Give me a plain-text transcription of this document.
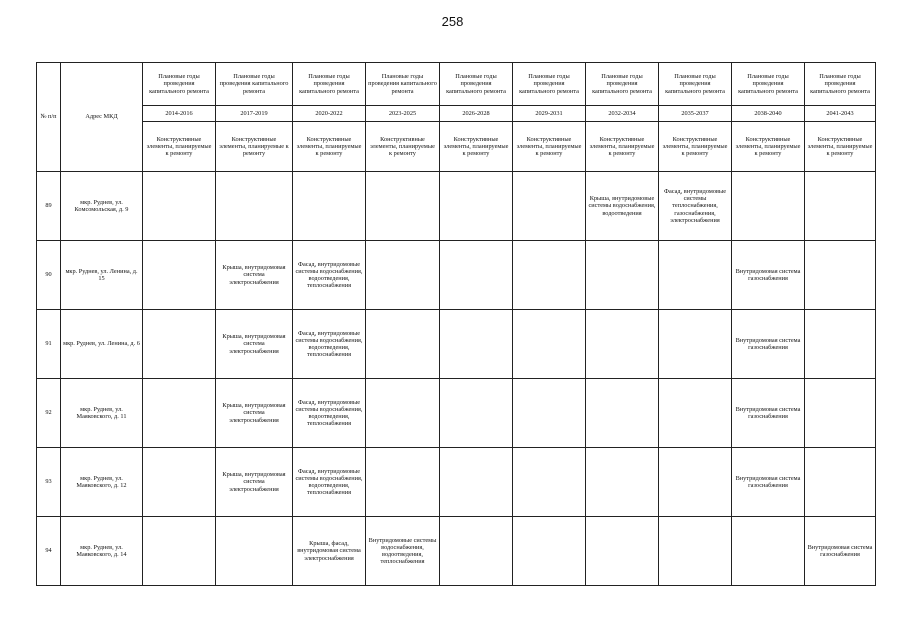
258
№ п/п	Адрес МКД	Плановые годы проведения капитального ремонта	Плановые годы проведения капитального ремонта	Плановые годы проведения капитального ремонта	Плановые годы проведения капитального ремонта	Плановые годы проведения капитального ремонта	Плановые годы проведения капитального ремонта	Плановые годы проведения капитального ремонта	Плановые годы проведения капитального ремонта	Плановые годы проведения капитального ремонта	Плановые годы проведения капитального ремонта
		2014-2016	2017-2019	2020-2022	2023-2025	2026-2028	2029-2031	2032-2034	2035-2037	2038-2040	2041-2043
		Конструктивные элементы, планируемые к ремонту	Конструктивные элементы, планируемые к ремонту	Конструктивные элементы, планируемые к ремонту	Конструктивные элементы, планируемые к ремонту	Конструктивные элементы, планируемые к ремонту	Конструктивные элементы, планируемые к ремонту	Конструктивные элементы, планируемые к ремонту	Конструктивные элементы, планируемые к ремонту	Конструктивные элементы, планируемые к ремонту	Конструктивные элементы, планируемые к ремонту
89	мкр. Руднев, ул. Комсомольская, д. 9							Крыша, внутридомовые системы водоснабжения, водоотведения	Фасад, внутридомовые системы теплоснабжения, газоснабжения, электроснабжения		
90	мкр. Руднев, ул. Ленина, д. 15		Крыша, внутридомовая система электроснабжения	Фасад, внутридомовые системы водоснабжения, водоотведения, теплоснабжения						Внутридомовая система газоснабжения	
91	мкр. Руднев, ул. Ленина, д. 6		Крыша, внутридомовая система электроснабжения	Фасад, внутридомовые системы водоснабжения, водоотведения, теплоснабжения						Внутридомовая система газоснабжения	
92	мкр. Руднев, ул. Маяковского, д. 11		Крыша, внутридомовая система электроснабжения	Фасад, внутридомовые системы водоснабжения, водоотведения, теплоснабжения						Внутридомовая система газоснабжения	
93	мкр. Руднев, ул. Маяковского, д. 12		Крыша, внутридомовая система электроснабжения	Фасад, внутридомовые системы водоснабжения, водоотведения, теплоснабжения						Внутридомовая система газоснабжения	
94	мкр. Руднев, ул. Маяковского, д. 14			Крыша, фасад, внутридомовая система электроснабжения	Внутридомовые системы водоснабжения, водоотведения, теплоснабжения						Внутридомовая система газоснабжения
